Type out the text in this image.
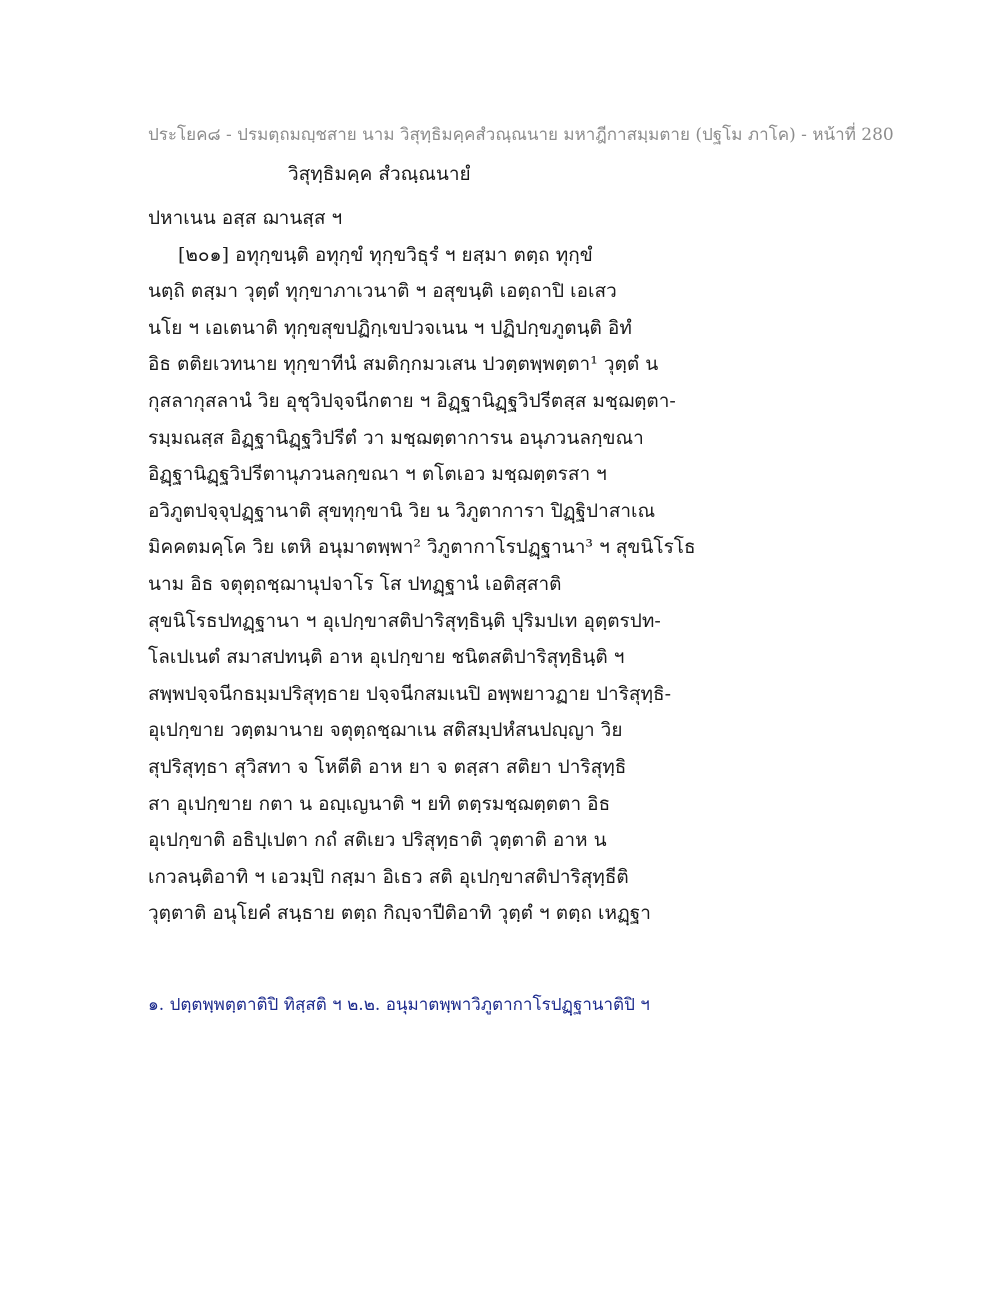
ประโยค๘ - ปรมตฺถมญฺชสาย นาม วิสุทฺธิมคฺคสํวณฺณนาย มหาฎีกาสมฺมตาย (ปฐโม ภาโค) - หน้าที่ 280
วิสุทฺธิมคฺค สํวณฺณนายํ
ปหาเนน อสฺส ฌานสฺส ฯ
[๒๐๑] อทุกฺขนฺติ อทุกฺขํ ทุกฺขวิธุรํ ฯ ยสฺมา ตตฺถ ทุกฺขํ
นตฺถิ ตสฺมา วุตฺตํ ทุกฺขาภาเวนาติ ฯ อสุขนฺติ เอตฺถาปิ เอเสว
นโย ฯ เอเตนาติ ทุกฺขสุขปฏิกฺเขปวจเนน ฯ ปฏิปกฺขภูตนฺติ อิทํ
อิธ ตติยเวทนาย ทุกฺขาทีนํ สมติกฺกมวเสน ปวตฺตพฺพตฺตา¹ วุตฺตํ น
กุสลากุสลานํ วิย อุชุวิปจฺจนีกตาย ฯ อิฏฺฐานิฏฺฐวิปรีตสฺส มชฺฌตฺตา-
รมฺมณสฺส อิฏฺฐานิฏฺฐวิปรีตํ วา มชฺฌตฺตาการน อนุภวนลกฺขณา
อิฏฺฐานิฏฺฐวิปรีตานุภวนลกฺขณา ฯ ตโตเอว มชฺฌตฺตรสา ฯ
อวิภูตปจฺจุปฏฺฐานาติ สุขทุกฺขานิ วิย น วิภูตาการา ปิฏฺฐิปาสาเณ
มิคคตมคฺโค วิย เตหิ อนุมาตพฺพา² วิภูตากาโรปฏฺฐานา³ ฯ สุขนิโรโธ
นาม อิธ จตุตฺถชฺฌานุปจาโร โส ปทฏฺฐานํ เอติสฺสาติ
สุขนิโรธปทฏฺฐานา ฯ อุเปกฺขาสติปาริสุทฺธินฺติ ปุริมปเท อุตฺตรปท-
โลเปเนตํ สมาสปทนฺติ อาห อุเปกฺขาย ชนิตสติปาริสุทฺธินฺติ ฯ
สพฺพปจฺจนีกธมฺมปริสุทฺธาย ปจฺจนีกสมเนปิ อพฺพยาวฏาย ปาริสุทฺธิ-
อุเปกฺขาย วตฺตมานาย จตุตฺถชฺฌาเน สติสมฺปหํสนปญฺญา วิย
สุปริสุทฺธา สุวิสทา จ โหตีติ อาห ยา จ ตสฺสา สติยา ปาริสุทฺธิ
สา อุเปกฺขาย กตา น อญฺเญนาติ ฯ ยทิ ตตฺรมชฺฌตฺตตา อิธ
อุเปกฺขาติ อธิปฺเปตา กถํ สติเยว ปริสุทฺธาติ วุตฺตาติ อาห น
เกวลนฺติอาทิ ฯ เอวมฺปิ กสฺมา อิเธว สติ อุเปกฺขาสติปาริสุทฺธีติ
วุตฺตาติ อนุโยคํ สนฺธาย ตตฺถ กิญฺจาปีติอาทิ วุตฺตํ ฯ ตตฺถ เหฏฺฐา
๑. ปตฺตพฺพตฺตาติปิ ทิสฺสติ ฯ ๒.๒. อนุมาตพฺพาวิภูตากาโรปฏฺฐานาติปิ ฯ
